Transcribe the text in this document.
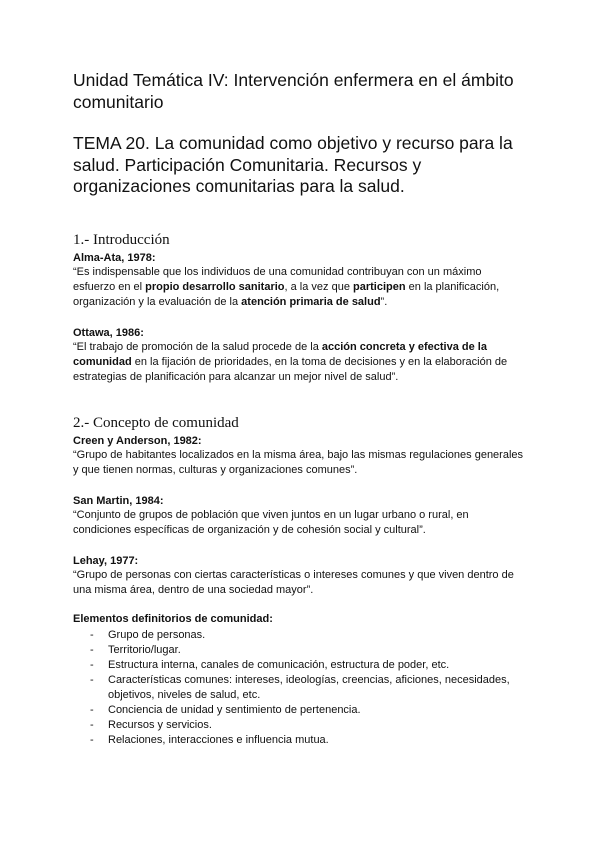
Unidad Temática IV: Intervención enfermera en el ámbito comunitario
TEMA 20. La comunidad como objetivo y recurso para la salud. Participación Comunitaria. Recursos y organizaciones comunitarias para la salud.
1.- Introducción

Alma-Ata, 1978:

“Es indispensable que los individuos de una comunidad contribuyan con un máximo esfuerzo en el propio desarrollo sanitario, a la vez que participen en la planificación, organización y la evaluación de la atención primaria de salud”.

Ottawa, 1986:

“El trabajo de promoción de la salud procede de la acción concreta y efectiva de la comunidad en la fijación de prioridades, en la toma de decisiones y en la elaboración de estrategias de planificación para alcanzar un mejor nivel de salud”.

2.- Concepto de comunidad

Creen y Anderson, 1982:

“Grupo de habitantes localizados en la misma área, bajo las mismas regulaciones generales y que tienen normas, culturas y organizaciones comunes”.

San Martin, 1984:

“Conjunto de grupos de población que viven juntos en un lugar urbano o rural, en condiciones específicas de organización y de cohesión social y cultural”.

Lehay, 1977:

“Grupo de personas con ciertas características o intereses comunes y que viven dentro de una misma área, dentro de una sociedad mayor”.

Elementos definitorios de comunidad:

- Grupo de personas.
- Territorio/lugar.
- Estructura interna, canales de comunicación, estructura de poder, etc.
- Características comunes: intereses, ideologías, creencias, aficiones, necesidades, objetivos, niveles de salud, etc.
- Conciencia de unidad y sentimiento de pertenencia.
- Recursos y servicios.
- Relaciones, interacciones e influencia mutua.
